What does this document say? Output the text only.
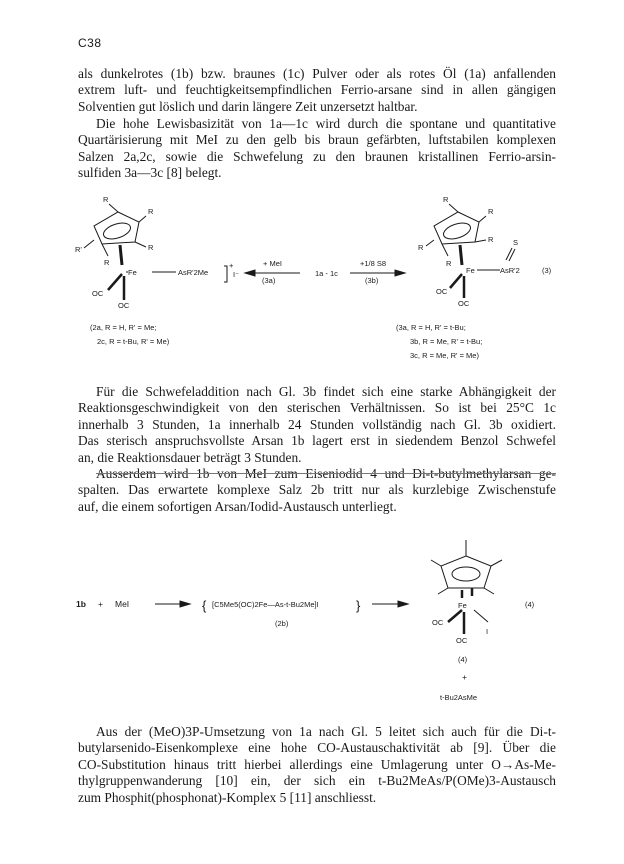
C38

als dunkelrotes (1b) bzw. braunes (1c) Pulver oder als rotes Öl (1a) anfallenden
extrem luft- und feuchtigkeitsempfindlichen Ferrio-arsane sind in allen gängigen
Solventien gut löslich und darin längere Zeit unzersetzt haltbar.

Die hohe Lewisbasizität von 1a—1c wird durch die spontane und quantitative
Quartärisierung mit MeI zu den gelb bis braun gefärbten, luftstabilen komplexen
Salzen 2a,2c, sowie die Schwefelung zu den braunen kristallinen Ferrio-arsin-
sulfiden 3a—3c [8] belegt.

R
R
R
R'
R
Fe	AsR'2Me
+
I⁻
OC
OC
+ MeI
(3a)
1a - 1c
+1/8 S8
(3b)
R
R
R
R
R
Fe	AsR'2
S
OC
OC
(3)
(2a, R = H, R' = Me;
2c, R = t-Bu, R' = Me)
(3a, R = H, R' = t-Bu;
3b, R = Me, R' = t-Bu;
3c, R = Me, R' = Me)

Für die Schwefeladdition nach Gl. 3b findet sich eine starke Abhängigkeit der
Reaktionsgeschwindigkeit von den sterischen Verhältnissen. So ist bei 25°C 1c
innerhalb 3 Stunden, 1a innerhalb 24 Stunden vollständig nach Gl. 3b oxidiert.
Das sterisch anspruchsvollste Arsan 1b lagert erst in siedendem Benzol Schwefel
an, die Reaktionsdauer beträgt 3 Stunden.

Ausserdem wird 1b von MeI zum Eiseniodid 4 und Di-t-butylmethylarsan ge-
spalten. Das erwartete komplexe Salz 2b tritt nur als kurzlebige Zwischenstufe
auf, die einem sofortigen Arsan/Iodid-Austausch unterliegt.

1b + MeI	{ [C5Me5(OC)2Fe—As-t-Bu2Me]I	}
(2b)
Fe
OC
OC
I
(4)
(4)
+
t-Bu2AsMe

Aus der (MeO)3P-Umsetzung von 1a nach Gl. 5 leitet sich auch für die Di-t-
butylarsenido-Eisenkomplexe eine hohe CO-Austauschaktivität ab [9]. Über die
CO-Substitution hinaus tritt hierbei allerdings eine Umlagerung unter O→As-Me-
thylgruppenwanderung [10] ein, der sich ein t-Bu2MeAs/P(OMe)3-Austausch
zum Phosphit(phosphonat)-Komplex 5 [11] anschliesst.
